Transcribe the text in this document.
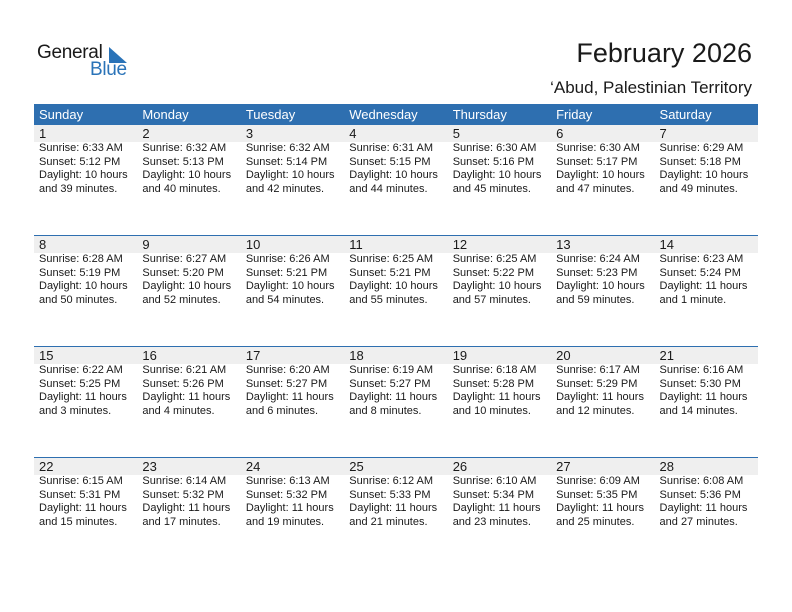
General
Blue
February 2026
‘Abud, Palestinian Territory
Sunday	Monday	Tuesday	Wednesday	Thursday	Friday	Saturday
1	2	3	4	5	6	7
Sunrise: 6:33 AM
Sunset: 5:12 PM
Daylight: 10 hours
and 39 minutes.
Sunrise: 6:32 AM
Sunset: 5:13 PM
Daylight: 10 hours
and 40 minutes.
Sunrise: 6:32 AM
Sunset: 5:14 PM
Daylight: 10 hours
and 42 minutes.
Sunrise: 6:31 AM
Sunset: 5:15 PM
Daylight: 10 hours
and 44 minutes.
Sunrise: 6:30 AM
Sunset: 5:16 PM
Daylight: 10 hours
and 45 minutes.
Sunrise: 6:30 AM
Sunset: 5:17 PM
Daylight: 10 hours
and 47 minutes.
Sunrise: 6:29 AM
Sunset: 5:18 PM
Daylight: 10 hours
and 49 minutes.
8	9	10	11	12	13	14
Sunrise: 6:28 AM
Sunset: 5:19 PM
Daylight: 10 hours
and 50 minutes.
Sunrise: 6:27 AM
Sunset: 5:20 PM
Daylight: 10 hours
and 52 minutes.
Sunrise: 6:26 AM
Sunset: 5:21 PM
Daylight: 10 hours
and 54 minutes.
Sunrise: 6:25 AM
Sunset: 5:21 PM
Daylight: 10 hours
and 55 minutes.
Sunrise: 6:25 AM
Sunset: 5:22 PM
Daylight: 10 hours
and 57 minutes.
Sunrise: 6:24 AM
Sunset: 5:23 PM
Daylight: 10 hours
and 59 minutes.
Sunrise: 6:23 AM
Sunset: 5:24 PM
Daylight: 11 hours
and 1 minute.
15	16	17	18	19	20	21
Sunrise: 6:22 AM
Sunset: 5:25 PM
Daylight: 11 hours
and 3 minutes.
Sunrise: 6:21 AM
Sunset: 5:26 PM
Daylight: 11 hours
and 4 minutes.
Sunrise: 6:20 AM
Sunset: 5:27 PM
Daylight: 11 hours
and 6 minutes.
Sunrise: 6:19 AM
Sunset: 5:27 PM
Daylight: 11 hours
and 8 minutes.
Sunrise: 6:18 AM
Sunset: 5:28 PM
Daylight: 11 hours
and 10 minutes.
Sunrise: 6:17 AM
Sunset: 5:29 PM
Daylight: 11 hours
and 12 minutes.
Sunrise: 6:16 AM
Sunset: 5:30 PM
Daylight: 11 hours
and 14 minutes.
22	23	24	25	26	27	28
Sunrise: 6:15 AM
Sunset: 5:31 PM
Daylight: 11 hours
and 15 minutes.
Sunrise: 6:14 AM
Sunset: 5:32 PM
Daylight: 11 hours
and 17 minutes.
Sunrise: 6:13 AM
Sunset: 5:32 PM
Daylight: 11 hours
and 19 minutes.
Sunrise: 6:12 AM
Sunset: 5:33 PM
Daylight: 11 hours
and 21 minutes.
Sunrise: 6:10 AM
Sunset: 5:34 PM
Daylight: 11 hours
and 23 minutes.
Sunrise: 6:09 AM
Sunset: 5:35 PM
Daylight: 11 hours
and 25 minutes.
Sunrise: 6:08 AM
Sunset: 5:36 PM
Daylight: 11 hours
and 27 minutes.
